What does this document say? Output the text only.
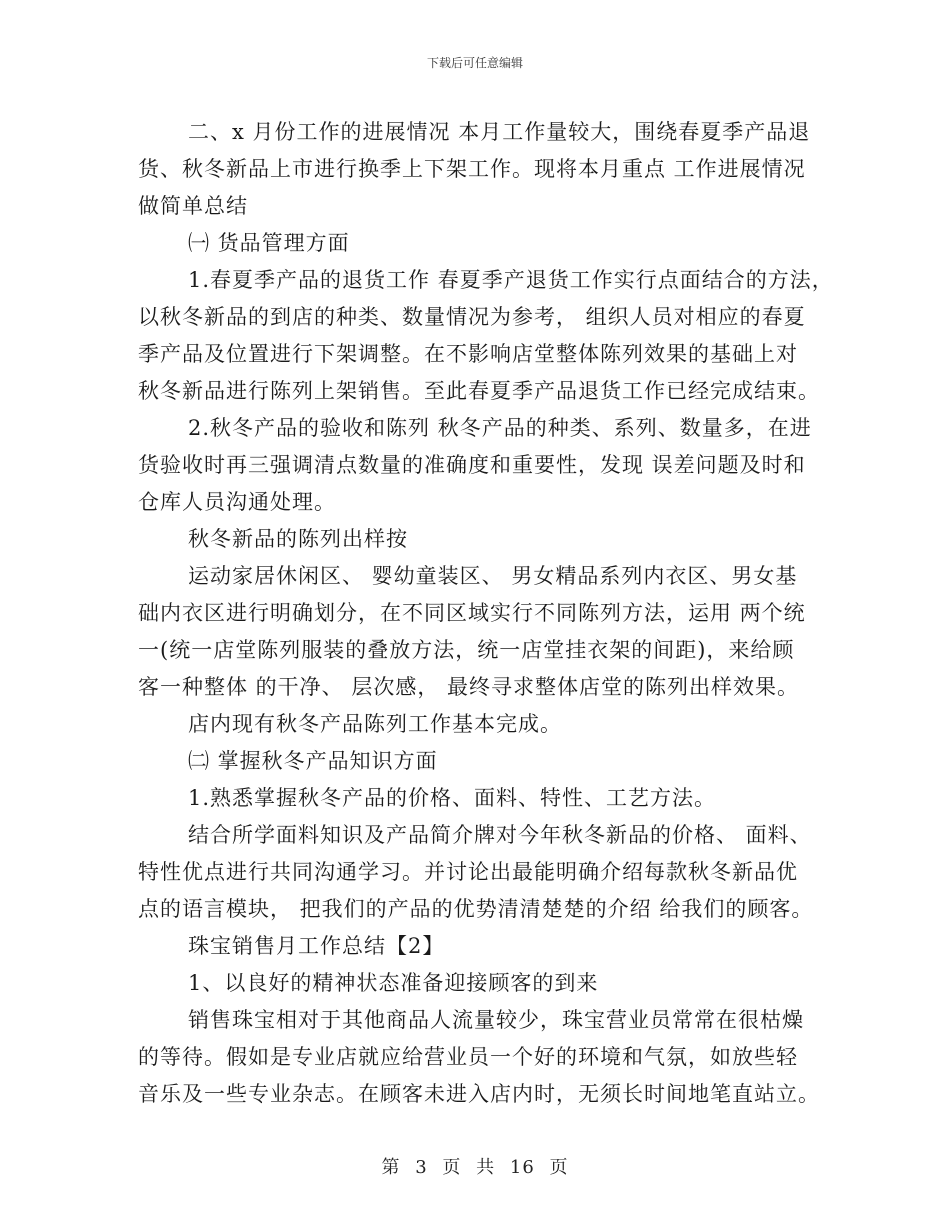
下载后可任意编辑
二、x 月份工作的进展情况 本月工作量较大，围绕春夏季产品退
货、秋冬新品上市进行换季上下架工作。现将本月重点 工作进展情况
做简单总结
㈠ 货品管理方面
1.春夏季产品的退货工作 春夏季产退货工作实行点面结合的方法，
以秋冬新品的到店的种类、数量情况为参考， 组织人员对相应的春夏
季产品及位置进行下架调整。在不影响店堂整体陈列效果的基础上对
秋冬新品进行陈列上架销售。至此春夏季产品退货工作已经完成结束。
2.秋冬产品的验收和陈列 秋冬产品的种类、系列、数量多，在进
货验收时再三强调清点数量的准确度和重要性，发现 误差问题及时和
仓库人员沟通处理。
秋冬新品的陈列出样按
运动家居休闲区、 婴幼童装区、 男女精品系列内衣区、男女基
础内衣区进行明确划分，在不同区域实行不同陈列方法，运用 两个统
一(统一店堂陈列服装的叠放方法，统一店堂挂衣架的间距)，来给顾
客一种整体 的干净、 层次感， 最终寻求整体店堂的陈列出样效果。
店内现有秋冬产品陈列工作基本完成。
㈡ 掌握秋冬产品知识方面
1.熟悉掌握秋冬产品的价格、面料、特性、工艺方法。
结合所学面料知识及产品简介牌对今年秋冬新品的价格、 面料、
特性优点进行共同沟通学习。并讨论出最能明确介绍每款秋冬新品优
点的语言模块， 把我们的产品的优势清清楚楚的介绍 给我们的顾客。
珠宝销售月工作总结【2】
1、以良好的精神状态准备迎接顾客的到来
销售珠宝相对于其他商品人流量较少，珠宝营业员常常在很枯燥
的等待。假如是专业店就应给营业员一个好的环境和气氛，如放些轻
音乐及一些专业杂志。在顾客未进入店内时，无须长时间地笔直站立。
第 3 页 共 16 页
